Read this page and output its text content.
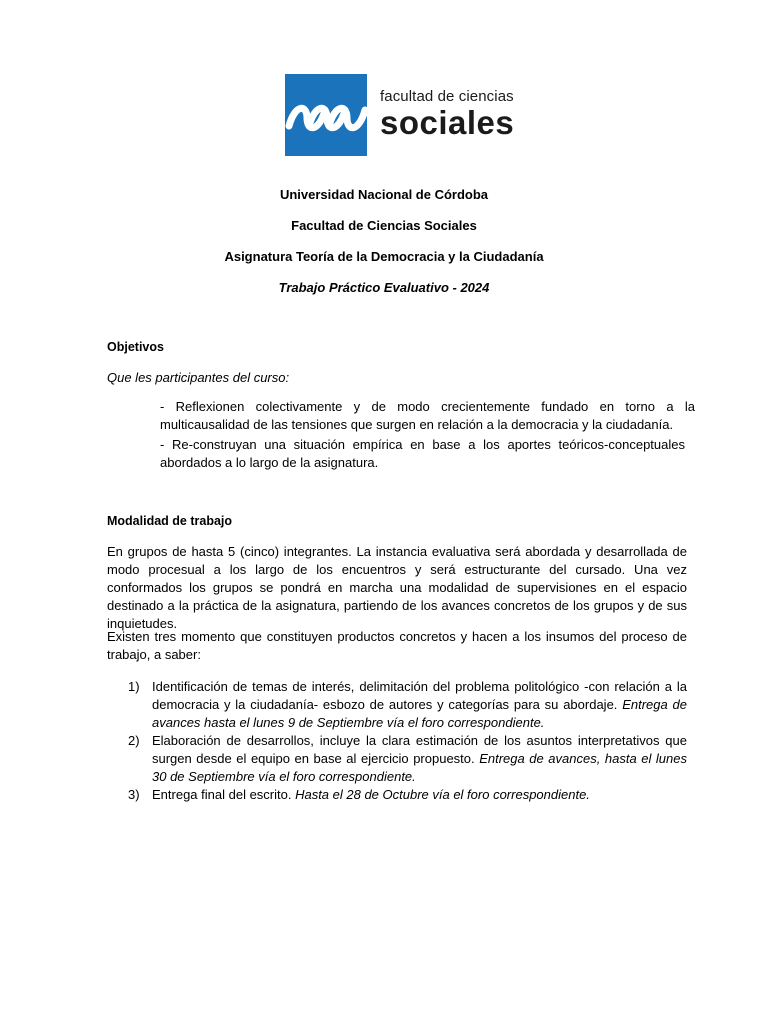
facultad de ciencias
sociales
Universidad Nacional de Córdoba
Facultad de Ciencias Sociales
Asignatura Teoría de la Democracia y la Ciudadanía
Trabajo Práctico Evaluativo - 2024
Objetivos
Que les participantes del curso:
- Reflexionen colectivamente y de modo crecientemente fundado en torno a la multicausalidad de las tensiones que surgen en relación a la democracia y la ciudadanía.
- Re-construyan una situación empírica en base a los aportes teóricos-conceptuales abordados a lo largo de la asignatura.
Modalidad de trabajo
En grupos de hasta 5 (cinco) integrantes. La instancia evaluativa será abordada y desarrollada de modo procesual a los largo de los encuentros y será estructurante del cursado. Una vez conformados los grupos se pondrá en marcha una modalidad de supervisiones en el espacio destinado a la práctica de la asignatura, partiendo de los avances concretos de los grupos y de sus inquietudes.
Existen tres momento que constituyen productos concretos y hacen a los insumos del proceso de trabajo, a saber:
1) Identificación de temas de interés, delimitación del problema politológico -con relación a la democracia y la ciudadanía- esbozo de autores y categorías para su abordaje. Entrega de avances hasta el lunes 9 de Septiembre vía el foro correspondiente.
2) Elaboración de desarrollos, incluye la clara estimación de los asuntos interpretativos que surgen desde el equipo en base al ejercicio propuesto. Entrega de avances, hasta el lunes 30 de Septiembre vía el foro correspondiente.
3) Entrega final del escrito. Hasta el 28 de Octubre vía el foro correspondiente.
